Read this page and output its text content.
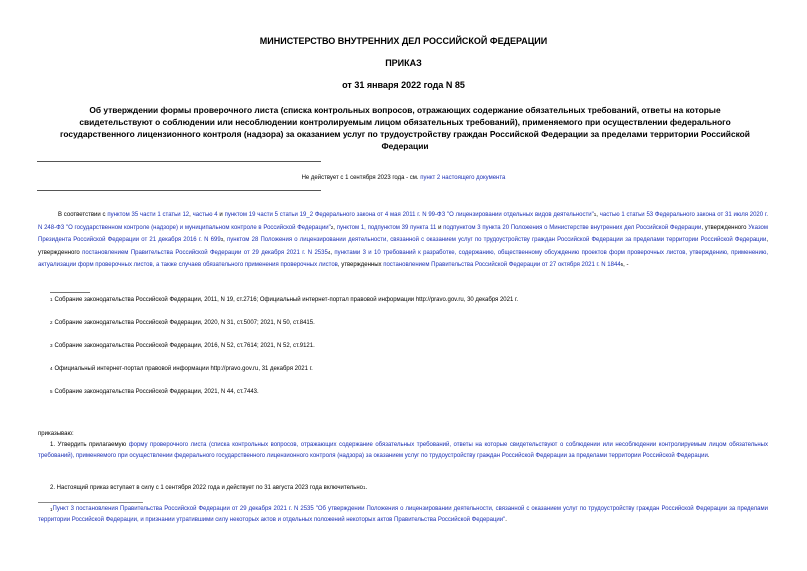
МИНИСТЕРСТВО ВНУТРЕННИХ ДЕЛ РОССИЙСКОЙ ФЕДЕРАЦИИ
ПРИКАЗ
от 31 января 2022 года N 85
Об утверждении формы проверочного листа (списка контрольных вопросов, отражающих содержание обязательных требований, ответы на которые свидетельствуют о соблюдении или несоблюдении контролируемым лицом обязательных требований), применяемого при осуществлении федерального государственного лицензионного контроля (надзора) за оказанием услуг по трудоустройству граждан Российской Федерации за пределами территории Российской Федерации
Не действует с 1 сентября 2023 года - см. пункт 2 настоящего документа
В соответствии с пунктом 35 части 1 статьи 12, частью 4 и пунктом 19 части 5 статьи 19_2 Федерального закона от 4 мая 2011 г. N 99-ФЗ "О лицензировании отдельных видов деятельности"$^1$, частью 1 статьи 53 Федерального закона от 31 июля 2020 г. N 248-ФЗ "О государственном контроле (надзоре) и муниципальном контроле в Российской Федерации"$^2$, пунктом 1, подпунктом 39 пункта 11 и подпунктом 3 пункта 20 Положения о Министерстве внутренних дел Российской Федерации, утвержденного Указом Президента Российской Федерации от 21 декабря 2016 г. N $699^3$, пунктом 28 Положения о лицензировании деятельности, связанной с оказанием услуг по трудоустройству граждан Российской Федерации за пределами территории Российской Федерации, утвержденного постановлением Правительства Российской Федерации от 29 декабря 2021 г. N 2535$^4$, пунктами 3 и 10 требований к разработке, содержанию, общественному обсуждению проектов форм проверочных листов, утверждению, применению, актуализации форм проверочных листов, а также случаев обязательного применения проверочных листов, утвержденных постановлением Правительства Российской Федерации от 27 октября 2021 г. N 1844$^5$, -
$^1$ Собрание законодательства Российской Федерации, 2011, N 19, ст.2716; Официальный интернет-портал правовой информации http://pravo.gov.ru, 30 декабря 2021 г.
$^2$ Собрание законодательства Российской Федерации, 2020, N 31, ст.5007; 2021, N 50, ст.8415.
$^3$ Собрание законодательства Российской Федерации, 2016, N 52, ст.7614; 2021, N 52, ст.9121.
$^4$ Официальный интернет-портал правовой информации http://pravo.gov.ru, 31 декабря 2021 г.
$^5$ Собрание законодательства Российской Федерации, 2021, N 44, ст.7443.
приказываю:
1. Утвердить прилагаемую форму проверочного листа (списка контрольных вопросов, отражающих содержание обязательных требований, ответы на которые свидетельствуют о соблюдении или несоблюдении контролируемым лицом обязательных требований), применяемого при осуществлении федерального государственного лицензионного контроля (надзора) за оказанием услуг по трудоустройству граждан Российской Федерации за пределами территории Российской Федерации.
2. Настоящий приказ вступает в силу с 1 сентября 2022 года и действует по 31 августа 2023 года включительно$^1$.
$^1$Пункт 3 постановления Правительства Российской Федерации от 29 декабря 2021 г. N 2535 "Об утверждении Положения о лицензировании деятельности, связанной с оказанием услуг по трудоустройству граждан Российской Федерации за пределами территории Российской Федерации, и признании утратившими силу некоторых актов и отдельных положений некоторых актов Правительства Российской Федерации".
